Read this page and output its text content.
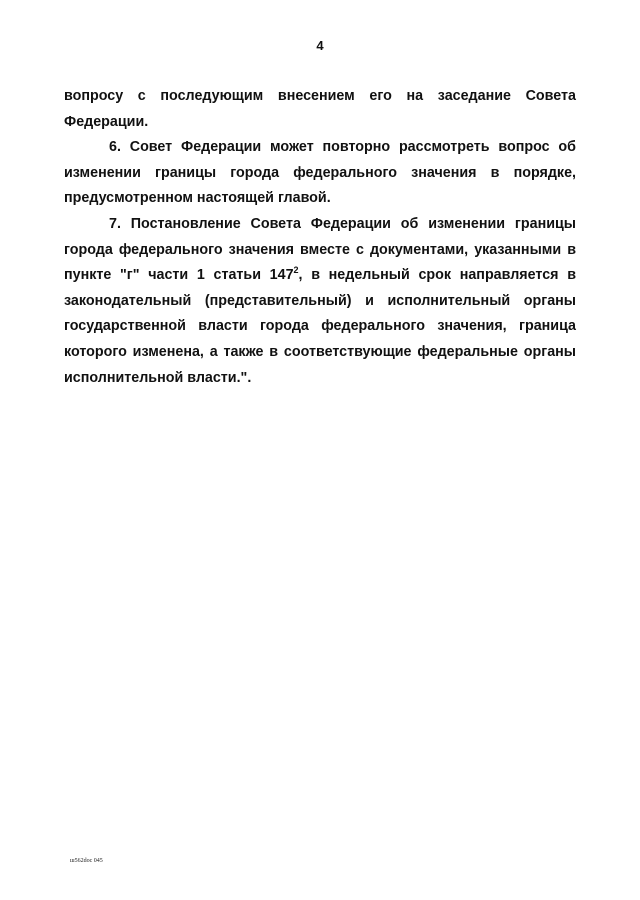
4

вопросу с последующим внесением его на заседание Совета
Федерации.

6. Совет Федерации может повторно рассмотреть вопрос об
изменении границы города федерального значения в порядке,
предусмотренном настоящей главой.

7. Постановление Совета Федерации об изменении границы
города федерального значения вместе с документами, указанными в
пункте "г" части 1 статьи $147^2$, в недельный срок направляется в
законодательный (представительный) и исполнительный органы
государственной власти города федерального значения, граница
которого изменена, а также в соответствующие федеральные органы
исполнительной власти.".

ш562doc 045
